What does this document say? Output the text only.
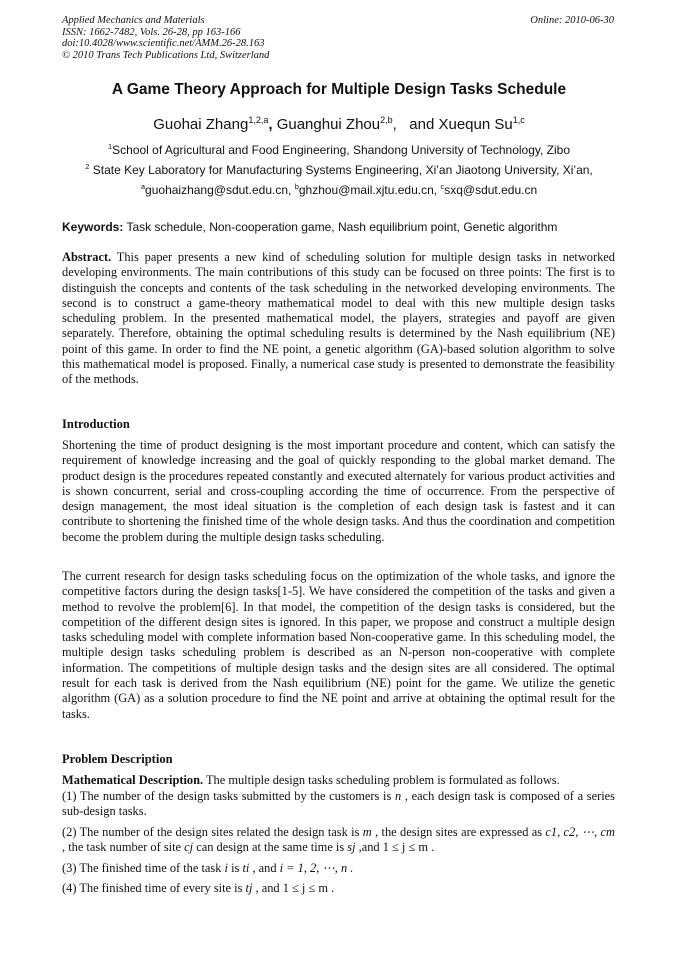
Applied Mechanics and Materials
ISSN: 1662-7482, Vols. 26-28, pp 163-166
doi:10.4028/www.scientific.net/AMM.26-28.163
© 2010 Trans Tech Publications Ltd, Switzerland
Online: 2010-06-30
A Game Theory Approach for Multiple Design Tasks Schedule
Guohai Zhang$^{1,2,a}$, Guanghui Zhou$^{2,b}$,   and Xuequn Su$^{1,c}$
$^1$School of Agricultural and Food Engineering, Shandong University of Technology, Zibo
$^2$ State Key Laboratory for Manufacturing Systems Engineering, Xi’an Jiaotong University, Xi’an,
$^a$guohaizhang@sdut.edu.cn, $^b$ghzhou@mail.xjtu.edu.cn, $^c$sxq@sdut.edu.cn
Keywords: Task schedule, Non-cooperation game, Nash equilibrium point, Genetic algorithm

Abstract. This paper presents a new kind of scheduling solution for multiple design tasks in networked developing environments. The main contributions of this study can be focused on three points: The first is to distinguish the concepts and contents of the task scheduling in the networked developing environments. The second is to construct a game-theory mathematical model to deal with this new multiple design tasks scheduling problem. In the presented mathematical model, the players, strategies and payoff are given separately. Therefore, obtaining the optimal scheduling results is determined by the Nash equilibrium (NE) point of this game. In order to find the NE point, a genetic algorithm (GA)-based solution algorithm to solve this mathematical model is proposed. Finally, a numerical case study is presented to demonstrate the feasibility of the methods.

Introduction

Shortening the time of product designing is the most important procedure and content, which can satisfy the requirement of knowledge increasing and the goal of quickly responding to the global market demand. The product design is the procedures repeated constantly and executed alternately for various product activities and is shown concurrent, serial and cross-coupling according the time of occurrence. From the perspective of design management, the most ideal situation is the completion of each design task is fastest and it can contribute to shortening the finished time of the whole design tasks. And thus the coordination and competition become the problem during the multiple design tasks scheduling.

The current research for design tasks scheduling focus on the optimization of the whole tasks, and ignore the competitive factors during the design tasks[1-5]. We have considered the competition of the tasks and given a method to revolve the problem[6]. In that model, the competition of the design tasks is considered, but the competition of the different design sites is ignored. In this paper, we propose and construct a multiple design tasks scheduling model with complete information based Non-cooperative game. In this scheduling model, the multiple design tasks scheduling problem is described as an N-person non-cooperative with complete information. The competitions of multiple design tasks and the design sites are all considered. The optimal result for each task is derived from the Nash equilibrium (NE) point for the game. We utilize the genetic algorithm (GA) as a solution procedure to find the NE point and arrive at obtaining the optimal result for the tasks.

Problem Description
Mathematical Description. The multiple design tasks scheduling problem is formulated as follows.
(1) The number of the design tasks submitted by the customers is n , each design task is composed of a series sub-design tasks.
(2) The number of the design sites related the design task is m , the design sites are expressed as c1, c2, ⋯, cm , the task number of site cj can design at the same time is sj ,and 1 ≤ j ≤ m .
(3) The finished time of the task i is ti , and i = 1, 2, ⋯, n .
(4) The finished time of every site is tj , and 1 ≤ j ≤ m .
